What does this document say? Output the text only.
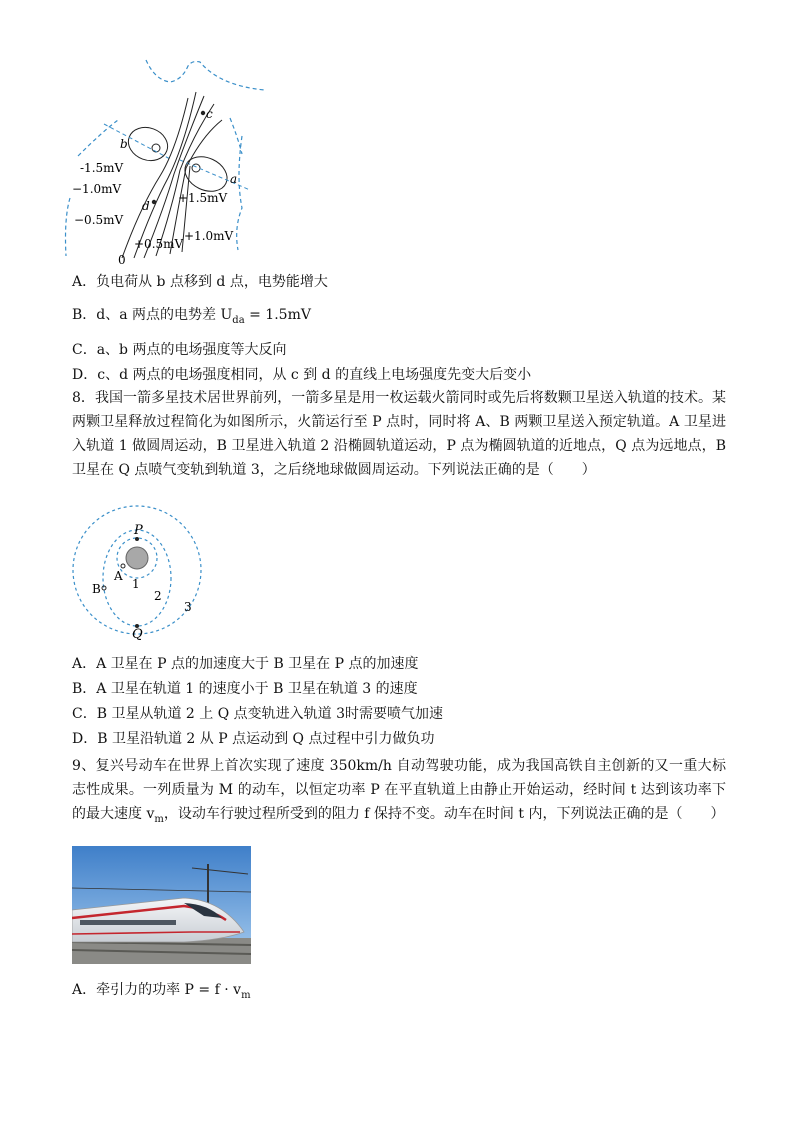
c
b
d
a
-1.5mV
−1.0mV
−0.5mV
+1.5mV
+1.0mV
+0.5mV
0
A．负电荷从 b 点移到 d 点，电势能增大
B．d、a 两点的电势差 $U_{da} = 1.5mV$
C．a、b 两点的电场强度等大反向
D．c、d 两点的电场强度相同，从 c 到 d 的直线上电场强度先变大后变小
8．我国一箭多星技术居世界前列，一箭多星是用一枚运载火箭同时或先后将数颗卫星送入轨道的技术。某两颗卫星释放过程简化为如图所示，火箭运行至 P 点时，同时将 A、B 两颗卫星送入预定轨道。A 卫星进入轨道 1 做圆周运动，B 卫星进入轨道 2 沿椭圆轨道运动，P 点为椭圆轨道的近地点，Q 点为远地点，B 卫星在 Q 点喷气变轨到轨道 3，之后绕地球做圆周运动。下列说法正确的是（　　）
P
Q
A
B	1
2
3
A．A 卫星在 P 点的加速度大于 B 卫星在 P 点的加速度
B．A 卫星在轨道 1 的速度小于 B 卫星在轨道 3 的速度
C．B 卫星从轨道 2 上 Q 点变轨进入轨道 3时需要喷气加速
D．B 卫星沿轨道 2 从 P 点运动到 Q 点过程中引力做负功
9、复兴号动车在世界上首次实现了速度 350km/h 自动驾驶功能，成为我国高铁自主创新的又一重大标志性成果。一列质量为 M 的动车，以恒定功率 P 在平直轨道上由静止开始运动，经时间 t 达到该功率下的最大速度 $v_m$，设动车行驶过程所受到的阻力 f 保持不变。动车在时间 t 内，下列说法正确的是（　　）
A．牵引力的功率 $P = f \cdot v_m$
